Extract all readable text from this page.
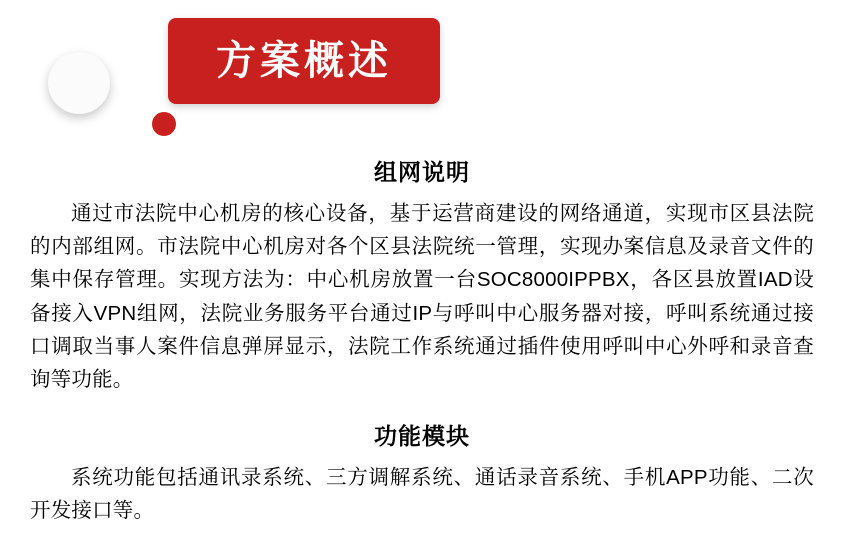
方案概述
组网说明
通过市法院中心机房的核心设备，基于运营商建设的网络通道，实现市区县法院的内部组网。市法院中心机房对各个区县法院统一管理，实现办案信息及录音文件的集中保存管理。实现方法为：中心机房放置一台SOC8000IPPBX，各区县放置IAD设备接入VPN组网，法院业务服务平台通过IP与呼叫中心服务器对接，呼叫系统通过接口调取当事人案件信息弹屏显示，法院工作系统通过插件使用呼叫中心外呼和录音查询等功能。
功能模块
系统功能包括通讯录系统、三方调解系统、通话录音系统、手机APP功能、二次开发接口等。
